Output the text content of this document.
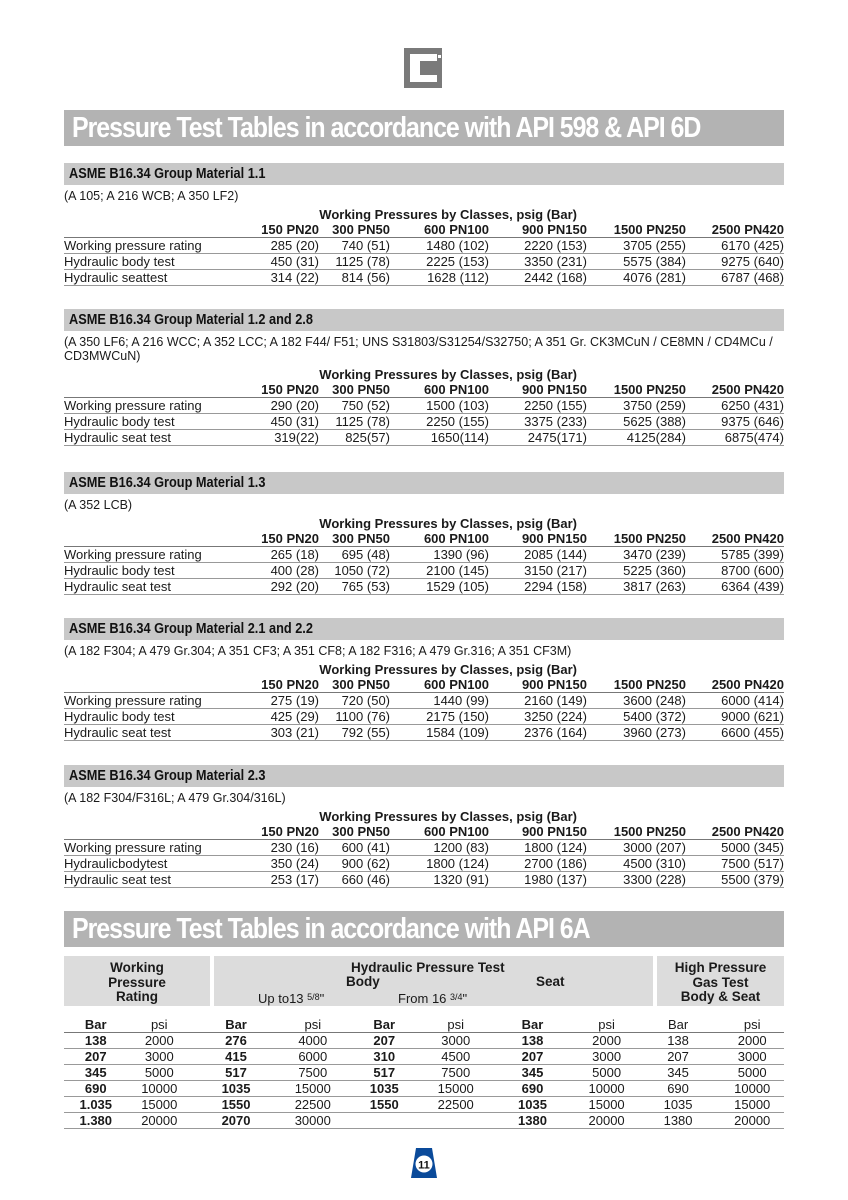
Pressure Test Tables in accordance with API 598 & API 6D
ASME B16.34 Group Material 1.1
(A 105; A 216 WCB; A 350 LF2)
	Working Pressures by Classes, psig (Bar)					
	150 PN20	300 PN50	600 PN100	900 PN150	1500 PN250	2500 PN420
Working pressure rating	285 (20)	740 (51)	1480 (102)	2220 (153)	3705 (255)	6170 (425)
Hydraulic body test	450 (31)	1125 (78)	2225 (153)	3350 (231)	5575 (384)	9275 (640)
Hydraulic seattest	314 (22)	814 (56)	1628 (112)	2442 (168)	4076 (281)	6787 (468)
ASME B16.34 Group Material 1.2 and 2.8
(A 350 LF6; A 216 WCC; A 352 LCC; A 182 F44/ F51; UNS S31803/S31254/S32750; A 351 Gr. CK3MCuN / CE8MN / CD4MCu / CD3MWCuN)
	Working Pressures by Classes, psig (Bar)					
	150 PN20	300 PN50	600 PN100	900 PN150	1500 PN250	2500 PN420
Working pressure rating	290 (20)	750 (52)	1500 (103)	2250 (155)	3750 (259)	6250 (431)
Hydraulic body test	450 (31)	1125 (78)	2250 (155)	3375 (233)	5625 (388)	9375 (646)
Hydraulic seat test	319(22)	825(57)	1650(114)	2475(171)	4125(284)	6875(474)
ASME B16.34 Group Material 1.3
(A 352 LCB)
	Working Pressures by Classes, psig (Bar)					
	150 PN20	300 PN50	600 PN100	900 PN150	1500 PN250	2500 PN420
Working pressure rating	265 (18)	695 (48)	1390 (96)	2085 (144)	3470 (239)	5785 (399)
Hydraulic body test	400 (28)	1050 (72)	2100 (145)	3150 (217)	5225 (360)	8700 (600)
Hydraulic seat test	292 (20)	765 (53)	1529 (105)	2294 (158)	3817 (263)	6364 (439)
ASME B16.34 Group Material 2.1 and 2.2
(A 182 F304; A 479 Gr.304; A 351 CF3; A 351 CF8; A 182 F316; A 479 Gr.316; A 351 CF3M)
	Working Pressures by Classes, psig (Bar)					
	150 PN20	300 PN50	600 PN100	900 PN150	1500 PN250	2500 PN420
Working pressure rating	275 (19)	720 (50)	1440 (99)	2160 (149)	3600 (248)	6000 (414)
Hydraulic body test	425 (29)	1100 (76)	2175 (150)	3250 (224)	5400 (372)	9000 (621)
Hydraulic seat test	303 (21)	792 (55)	1584 (109)	2376 (164)	3960 (273)	6600 (455)
ASME B16.34 Group Material 2.3
(A 182 F304/F316L; A 479 Gr.304/316L)
	Working Pressures by Classes, psig (Bar)					
	150 PN20	300 PN50	600 PN100	900 PN150	1500 PN250	2500 PN420
Working pressure rating	230 (16)	600 (41)	1200 (83)	1800 (124)	3000 (207)	5000 (345)
Hydraulicbodytest	350 (24)	900 (62)	1800 (124)	2700 (186)	4500 (310)	7500 (517)
Hydraulic seat test	253 (17)	660 (46)	1320 (91)	1980 (137)	3300 (228)	5500 (379)
Pressure Test Tables in accordance with API 6A
Working
Pressure
Rating
Hydraulic Pressure Test
Body	Seat
Up to13 $^{5/8}$"	From 16 $^{3/4}$"
High Pressure
Gas Test
Body & Seat
Bar	psi	Bar	psi	Bar	psi	Bar	psi	Bar	psi
138	2000	276	4000	207	3000	138	2000	138	2000
207	3000	415	6000	310	4500	207	3000	207	3000
345	5000	517	7500	517	7500	345	5000	345	5000
690	10000	1035	15000	1035	15000	690	10000	690	10000
1.035	15000	1550	22500	1550	22500	1035	15000	1035	15000
1.380	20000	2070	30000			1380	20000	1380	20000
11
